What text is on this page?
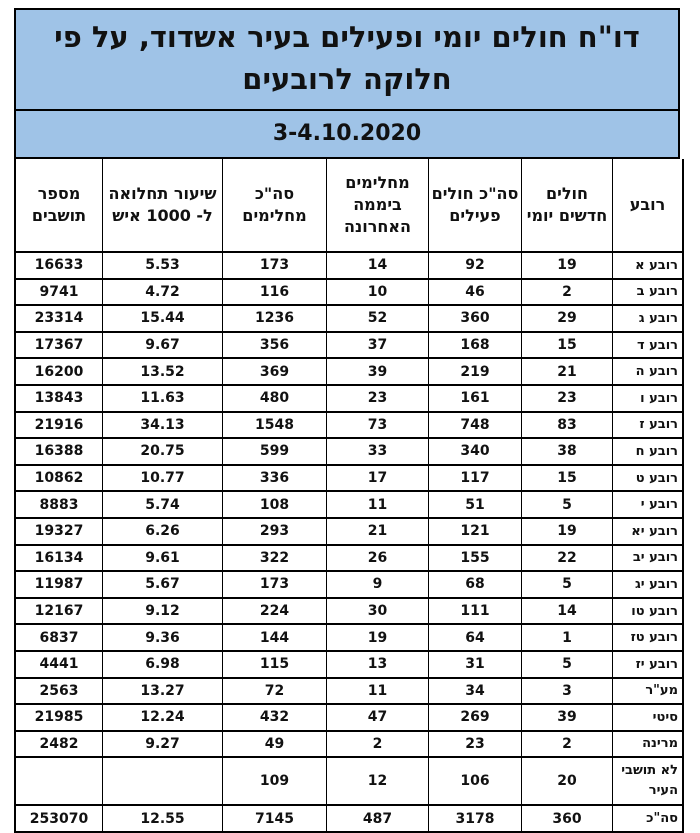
דו"ח חולים יומי ופעילים בעיר אשדוד, על פי
חלוקה לרובעים
3-4.10.2020
רובע	חולים חדשים יומי	סה"כ חולים פעילים	מחלימים ביממה האחרונה	סה"כ מחלימים	שיעור תחלואה ל- 1000 איש	מספר תושבים
רובע א	19	92	14	173	5.53	16633
רובע ב	2	46	10	116	4.72	9741
רובע ג	29	360	52	1236	15.44	23314
רובע ד	15	168	37	356	9.67	17367
רובע ה	21	219	39	369	13.52	16200
רובע ו	23	161	23	480	11.63	13843
רובע ז	83	748	73	1548	34.13	21916
רובע ח	38	340	33	599	20.75	16388
רובע ט	15	117	17	336	10.77	10862
רובע י	5	51	11	108	5.74	8883
רובע יא	19	121	21	293	6.26	19327
רובע יב	22	155	26	322	9.61	16134
רובע יג	5	68	9	173	5.67	11987
רובע טו	14	111	30	224	9.12	12167
רובע טז	1	64	19	144	9.36	6837
רובע יז	5	31	13	115	6.98	4441
מע"ר	3	34	11	72	13.27	2563
סיטי	39	269	47	432	12.24	21985
מרינה	2	23	2	49	9.27	2482
לא תושבי העיר	20	106	12	109		
סה"כ	360	3178	487	7145	12.55	253070
